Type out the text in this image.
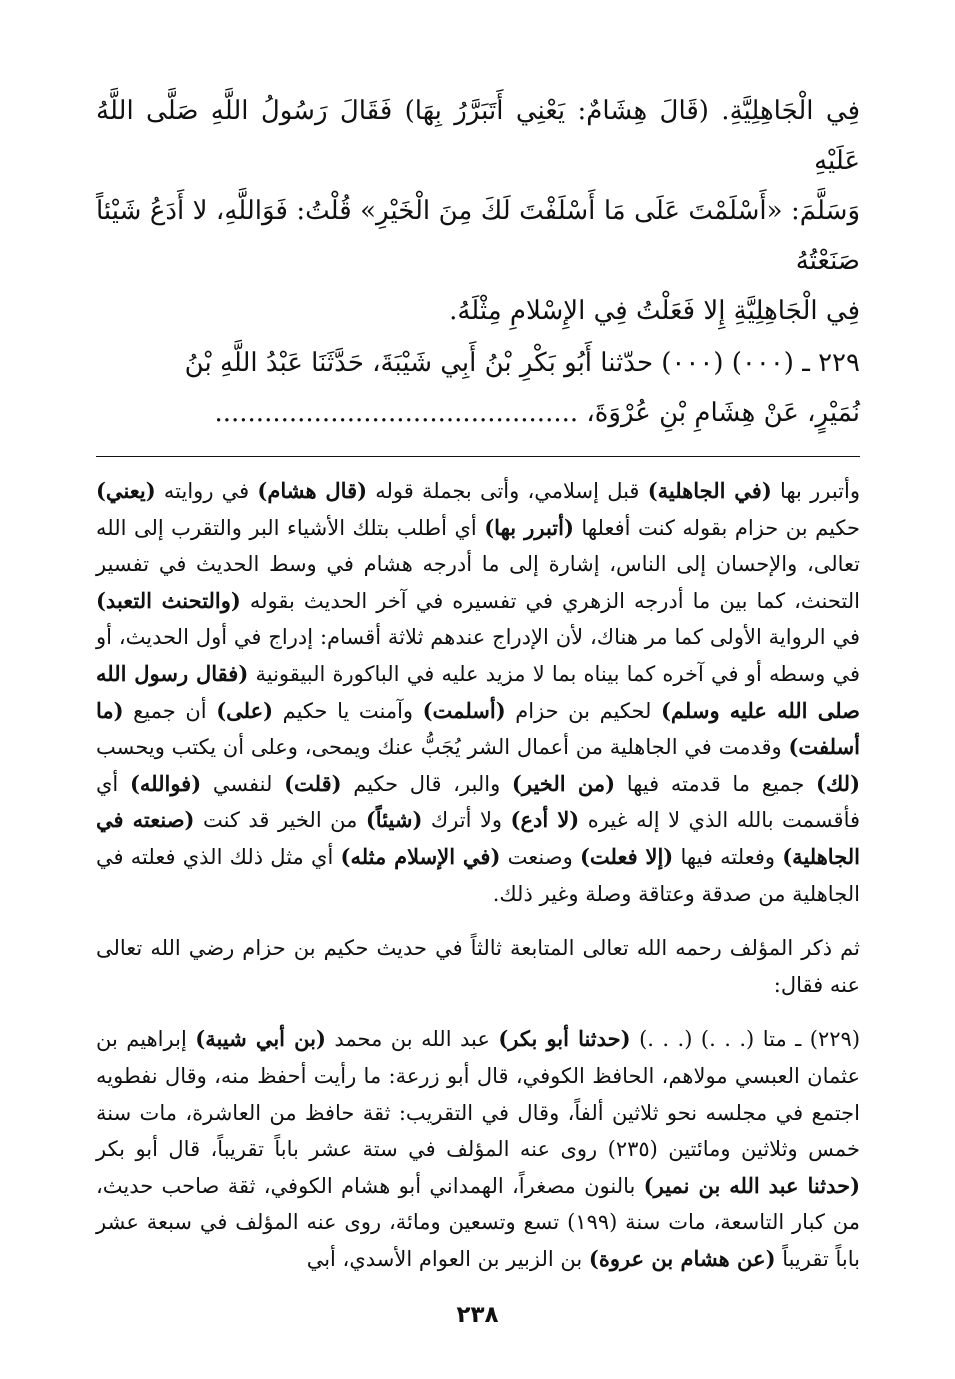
فِي الْجَاهِلِيَّةِ. (قَالَ هِشَامٌ: يَعْنِي أَتَبَرَّرُ بِهَا) فَقَالَ رَسُولُ اللَّهِ صَلَّى اللَّهُ عَلَيْهِ

وَسَلَّمَ: «أَسْلَمْتَ عَلَى مَا أَسْلَفْتَ لَكَ مِنَ الْخَيْرِ» قُلْتُ: فَوَاللَّهِ، لا أَدَعُ شَيْئاً صَنَعْتُهُ

فِي الْجَاهِلِيَّةِ إِلا فَعَلْتُ فِي الإِسْلامِ مِثْلَهُ.

٢٢٩ ـ (٠٠٠) (٠٠٠) حدّثنا أَبُو بَكْرِ بْنُ أَبِي شَيْبَةَ، حَدَّثَنَا عَبْدُ اللَّهِ بْنُ

نُمَيْرٍ، عَنْ هِشَامِ بْنِ عُرْوَةَ، ............................................

وأتبرر بها (في الجاهلية) قبل إسلامي، وأتى بجملة قوله (قال هشام) في روايته (يعني) حكيم بن حزام بقوله كنت أفعلها (أتبرر بها) أي أطلب بتلك الأشياء البر والتقرب إلى الله تعالى، والإحسان إلى الناس، إشارة إلى ما أدرجه هشام في وسط الحديث في تفسير التحنث، كما بين ما أدرجه الزهري في تفسيره في آخر الحديث بقوله (والتحنث التعبد) في الرواية الأولى كما مر هناك، لأن الإدراج عندهم ثلاثة أقسام: إدراج في أول الحديث، أو في وسطه أو في آخره كما بيناه بما لا مزيد عليه في الباكورة البيقونية (فقال رسول الله صلى الله عليه وسلم) لحكيم بن حزام (أسلمت) وآمنت يا حكيم (على) أن جميع (ما أسلفت) وقدمت في الجاهلية من أعمال الشر يُجَبُّ عنك ويمحى، وعلى أن يكتب ويحسب (لك) جميع ما قدمته فيها (من الخير) والبر، قال حكيم (قلت) لنفسي (فوالله) أي فأقسمت بالله الذي لا إله غيره (لا أدع) ولا أترك (شيئاً) من الخير قد كنت (صنعته في الجاهلية) وفعلته فيها (إلا فعلت) وصنعت (في الإسلام مثله) أي مثل ذلك الذي فعلته في الجاهلية من صدقة وعتاقة وصلة وغير ذلك.

ثم ذكر المؤلف رحمه الله تعالى المتابعة ثالثاً في حديث حكيم بن حزام رضي الله تعالى عنه فقال:

(٢٢٩) ـ متا (. . .) (. . .) (حدثنا أبو بكر) عبد الله بن محمد (بن أبي شيبة) إبراهيم بن عثمان العبسي مولاهم، الحافظ الكوفي، قال أبو زرعة: ما رأيت أحفظ منه، وقال نفطويه اجتمع في مجلسه نحو ثلاثين ألفاً، وقال في التقريب: ثقة حافظ من العاشرة، مات سنة خمس وثلاثين ومائتين (٢٣٥) روى عنه المؤلف في ستة عشر باباً تقريباً، قال أبو بكر (حدثنا عبد الله بن نمير) بالنون مصغراً، الهمداني أبو هشام الكوفي، ثقة صاحب حديث، من كبار التاسعة، مات سنة (١٩٩) تسع وتسعين ومائة، روى عنه المؤلف في سبعة عشر باباً تقريباً (عن هشام بن عروة) بن الزبير بن العوام الأسدي، أبي

٢٣٨
